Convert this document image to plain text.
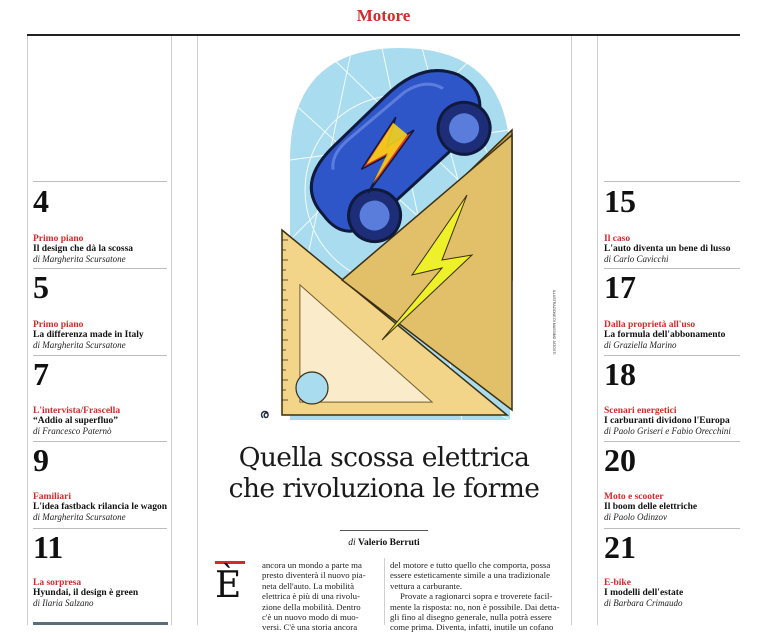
Motore
4
Primo piano
Il design che dà la scossa
di Margherita Scursatone
5
Primo piano
La differenza made in Italy
di Margherita Scursatone
7
L'intervista/Frascella
“Addio al superfluo”
di Francesco Paternò
9
Familiari
L'idea fastback rilancia le wagon
di Margherita Scursatone
11
La sorpresa
Hyundai, il design è green
di Ilaria Salzano
15
Il caso
L'auto diventa un bene di lusso
di Carlo Cavicchi
17
Dalla proprietà all'uso
La formula dell'abbonamento
di Graziella Marino
18
Scenari energetici
I carburanti dividono l'Europa
di Paolo Griseri e Fabio Orecchini
20
Moto e scooter
Il boom delle elettriche
di Paolo Odinzov
21
E-bike
I modelli dell'estate
di Barbara Crimaudo
ര
ILLUSTRAZIONE DI MASSIMO JATOSTI
Quella scossa elettrica
che rivoluziona le forme
di Valerio Berruti
È ancora un mondo a parte ma

presto diventerà il nuovo pia-

neta dell'auto. La mobilità

elettrica è più di una rivolu-

zione della mobilità. Dentro

c'è un nuovo modo di muo-

versi. C'è una storia ancora

del motore e tutto quello che comporta, possa

essere esteticamente simile a una tradizionale

vettura a carburante.

Provate a ragionarci sopra e troverete facil-

mente la risposta: no, non è possibile. Dai detta-

gli fino al disegno generale, nulla potrà essere

come prima. Diventa, infatti, inutile un cofano
